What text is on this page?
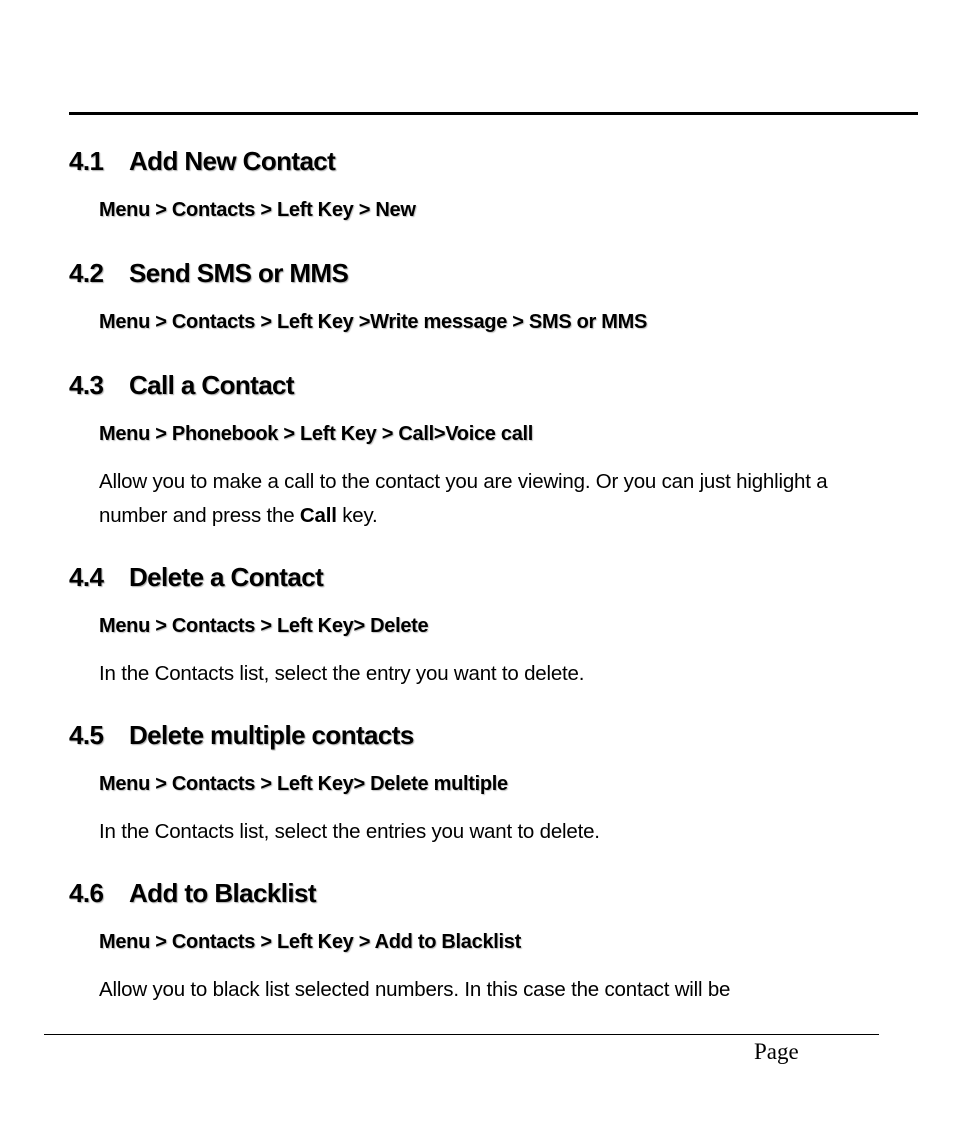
4.1 Add New Contact

Menu > Contacts > Left Key > New

4.2 Send SMS or MMS

Menu > Contacts > Left Key >Write message > SMS or MMS

4.3 Call a Contact

Menu > Phonebook > Left Key > Call>Voice call

Allow you to make a call to the contact you are viewing. Or you can just highlight a number and press the Call key.

4.4 Delete a Contact

Menu > Contacts > Left Key> Delete

In the Contacts list, select the entry you want to delete.

4.5 Delete multiple contacts

Menu > Contacts > Left Key> Delete multiple

In the Contacts list, select the entries you want to delete.

4.6 Add to Blacklist

Menu > Contacts > Left Key > Add to Blacklist

Allow you to black list selected numbers. In this case the contact will be

Page
